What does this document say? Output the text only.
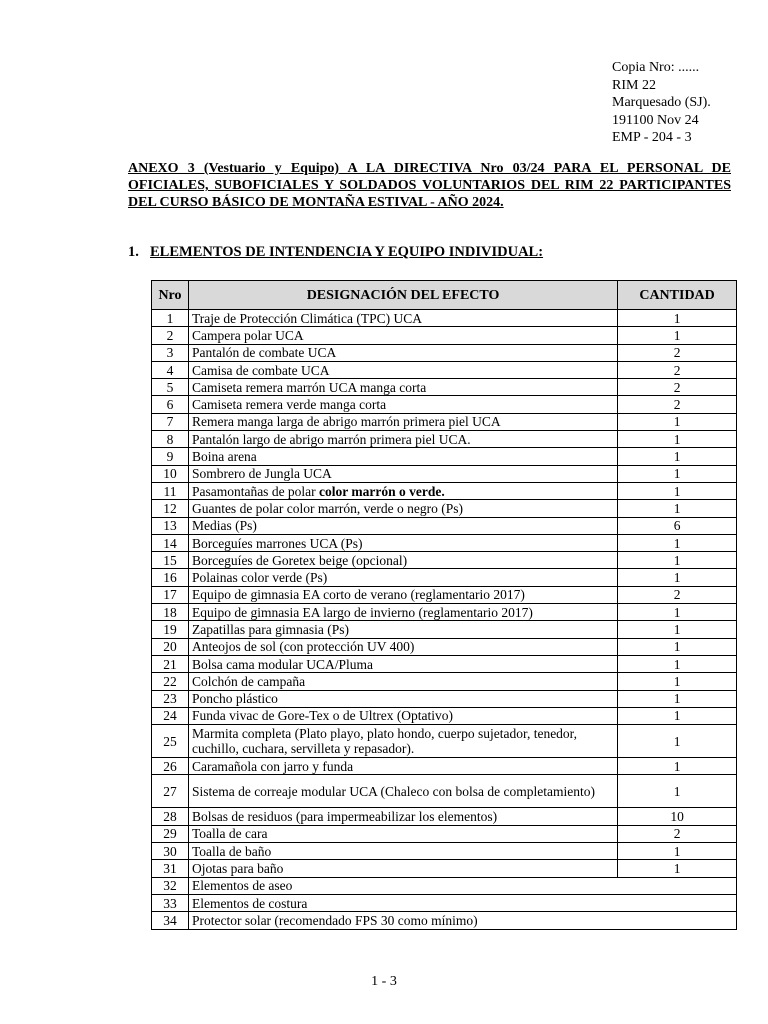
Copia Nro: ......
RIM 22
Marquesado (SJ).
191100 Nov 24
EMP - 204 - 3
ANEXO 3 (Vestuario y Equipo) A LA DIRECTIVA Nro 03/24 PARA EL PERSONAL DE OFICIALES, SUBOFICIALES Y SOLDADOS VOLUNTARIOS DEL RIM 22 PARTICIPANTES DEL CURSO BÁSICO DE MONTAÑA ESTIVAL - AÑO 2024.
1. ELEMENTOS DE INTENDENCIA Y EQUIPO INDIVIDUAL:
Nro	DESIGNACIÓN DEL EFECTO	CANTIDAD
1	Traje de Protección Climática (TPC) UCA	1
2	Campera polar UCA	1
3	Pantalón de combate UCA	2
4	Camisa de combate UCA	2
5	Camiseta remera marrón UCA manga corta	2
6	Camiseta remera verde manga corta	2
7	Remera manga larga de abrigo marrón primera piel UCA	1
8	Pantalón largo de abrigo marrón primera piel UCA.	1
9	Boina arena	1
10	Sombrero de Jungla UCA	1
11	Pasamontañas de polar color marrón o verde.	1
12	Guantes de polar color marrón, verde o negro (Ps)	1
13	Medias (Ps)	6
14	Borceguíes marrones UCA (Ps)	1
15	Borceguíes de Goretex beige (opcional)	1
16	Polainas color verde (Ps)	1
17	Equipo de gimnasia EA corto de verano (reglamentario 2017)	2
18	Equipo de gimnasia EA largo de invierno (reglamentario 2017)	1
19	Zapatillas para gimnasia (Ps)	1
20	Anteojos de sol (con protección UV 400)	1
21	Bolsa cama modular UCA/Pluma	1
22	Colchón de campaña	1
23	Poncho plástico	1
24	Funda vivac de Gore-Tex o de Ultrex (Optativo)	1
25	Marmita completa (Plato playo, plato hondo, cuerpo sujetador, tenedor, cuchillo, cuchara, servilleta y repasador).	1
26	Caramañola con jarro y funda	1
27	Sistema de correaje modular UCA (Chaleco con bolsa de completamiento)	1
28	Bolsas de residuos (para impermeabilizar los elementos)	10
29	Toalla de cara	2
30	Toalla de baño	1
31	Ojotas para baño	1
32	Elementos de aseo	
33	Elementos de costura	
34	Protector solar (recomendado FPS 30 como mínimo)	
1 - 3
